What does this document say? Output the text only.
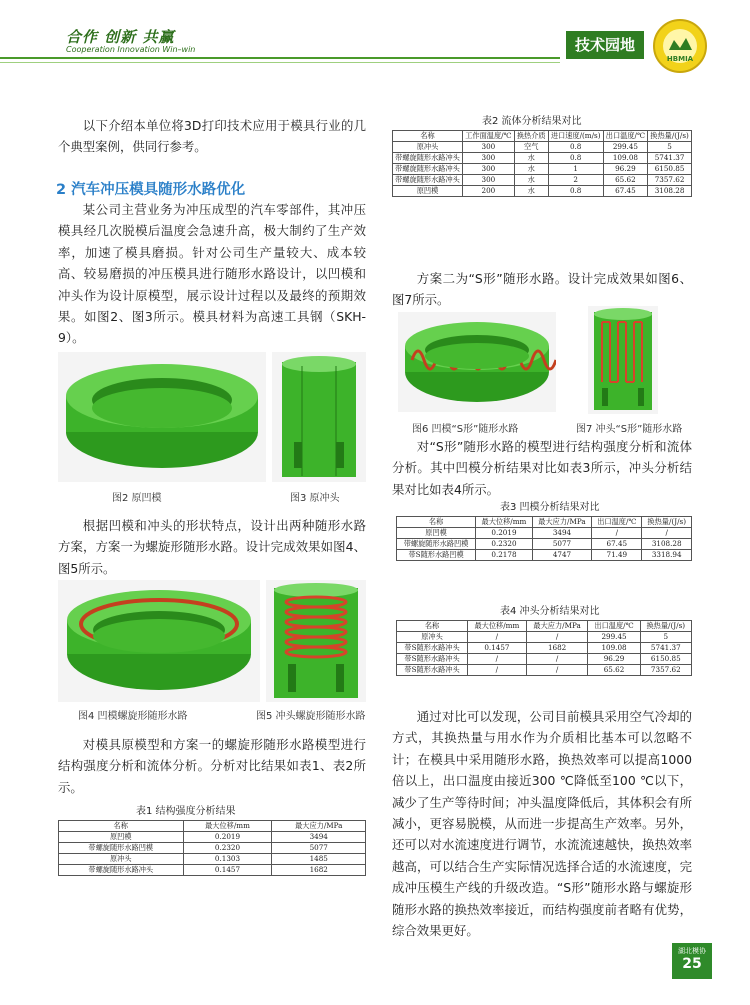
合作 创新 共赢
Cooperation Innovation Win–win	技术园地
HBMIA

以下介绍本单位将3D打印技术应用于模具行业的几个典型案例，供同行参考。

2 汽车冲压模具随形水路优化

某公司主营业务为冲压成型的汽车零部件，其冲压模具经几次脱模后温度会急速升高，极大制约了生产效率，加速了模具磨损。针对公司生产量较大、成本较高、较易磨损的冲压模具进行随形水路设计，以凹模和冲头作为设计原模型，展示设计过程以及最终的预期效果。如图2、图3所示。模具材料为高速工具钢（SKH-9）。

图2 原凹模	图3 原冲头

根据凹模和冲头的形状特点，设计出两种随形水路方案，方案一为螺旋形随形水路。设计完成效果如图4、图5所示。

图4 凹模螺旋形随形水路	图5 冲头螺旋形随形水路

对模具原模型和方案一的螺旋形随形水路模型进行结构强度分析和流体分析。分析对比结果如表1、表2所示。

表1 结构强度分析结果
名称	最大位移/mm	最大应力/MPa
原凹模	0.2019	3494
带螺旋随形水路凹模	0.2320	5077
原冲头	0.1303	1485
带螺旋随形水路冲头	0.1457	1682
表2 流体分析结果对比
名称	工作面温度/℃	换热介质	进口速度/(m/s)	出口温度/℃	换热量/(J/s)
原冲头	300	空气	0.8	299.45	5
带螺旋随形水路冲头	300	水	0.8	109.08	5741.37
带螺旋随形水路冲头	300	水	1	96.29	6150.85
带螺旋随形水路冲头	300	水	2	65.62	7357.62
原凹模	200	水	0.8	67.45	3108.28

方案二为“S形”随形水路。设计完成效果如图6、图7所示。

图6 凹模“S形”随形水路	图7 冲头“S形”随形水路

对“S形”随形水路的模型进行结构强度分析和流体分析。其中凹模分析结果对比如表3所示，冲头分析结果对比如表4所示。

表3 凹模分析结果对比
名称	最大位移/mm	最大应力/MPa	出口温度/℃	换热量/(J/s)
原凹模	0.2019	3494	/	/
带螺旋随形水路凹模	0.2320	5077	67.45	3108.28
带S随形水路凹模	0.2178	4747	71.49	3318.94
表4 冲头分析结果对比
名称	最大位移/mm	最大应力/MPa	出口温度/℃	换热量/(J/s)
原冲头	/	/	299.45	5
带S随形水路冲头	0.1457	1682	109.08	5741.37
带S随形水路冲头	/	/	96.29	6150.85
带S随形水路冲头	/	/	65.62	7357.62

通过对比可以发现，公司目前模具采用空气冷却的方式，其换热量与用水作为介质相比基本可以忽略不计；在模具中采用随形水路，换热效率可以提高1000倍以上，出口温度由接近300 ℃降低至100 ℃以下，减少了生产等待时间；冲头温度降低后，其体积会有所减小，更容易脱模，从而进一步提高生产效率。另外，还可以对水流速度进行调节，水流流速越快，换热效率越高，可以结合生产实际情况选择合适的水流速度，完成冲压模生产线的升级改造。“S形”随形水路与螺旋形随形水路的换热效率接近，而结构强度前者略有优势，综合效果更好。

湖北模协
25
